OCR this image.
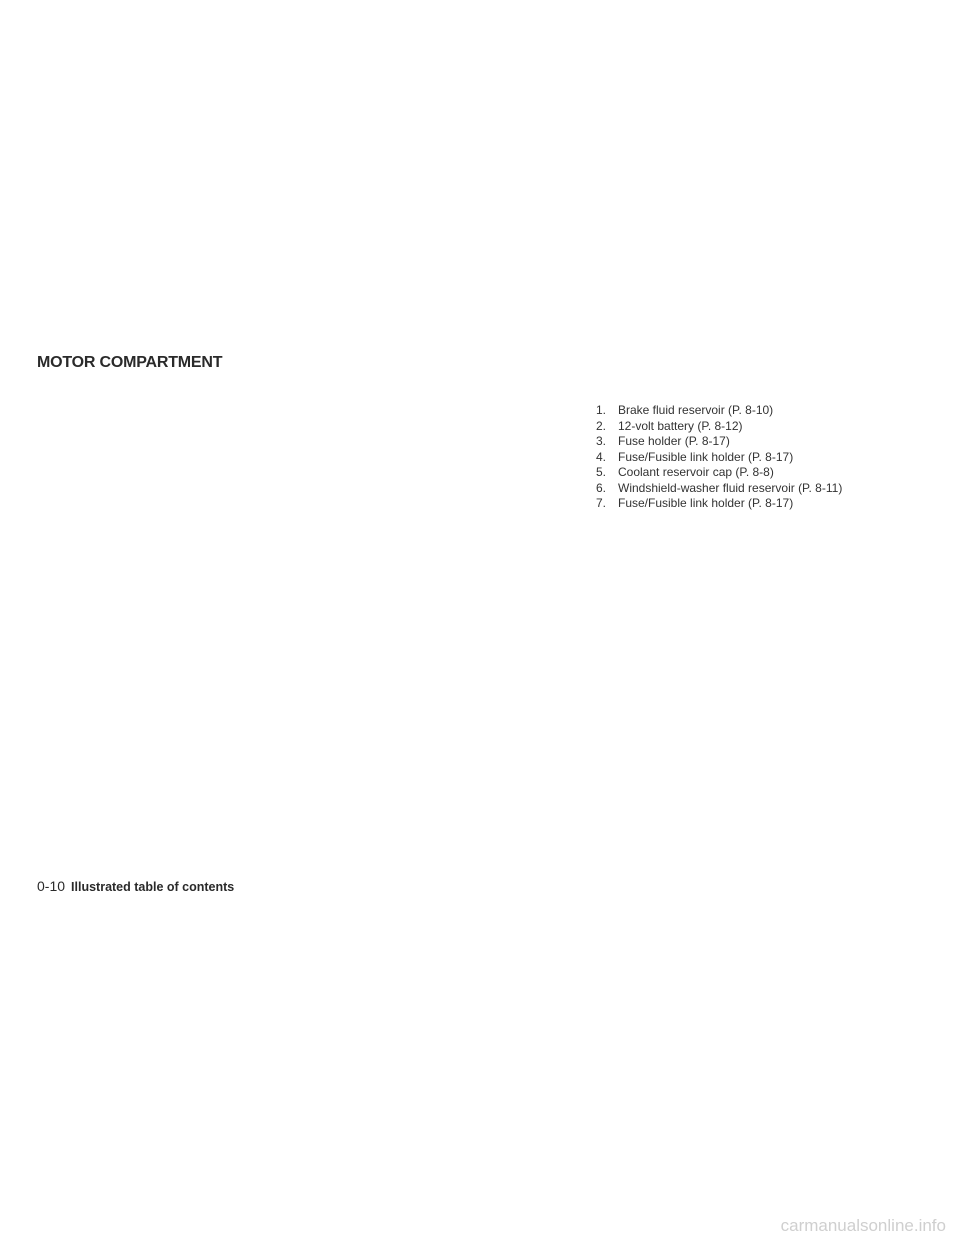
MOTOR COMPARTMENT
1. Brake fluid reservoir (P. 8-10)
2. 12-volt battery (P. 8-12)
3. Fuse holder (P. 8-17)
4. Fuse/Fusible link holder (P. 8-17)
5. Coolant reservoir cap (P. 8-8)
6. Windshield-washer fluid reservoir (P. 8-11)
7. Fuse/Fusible link holder (P. 8-17)
0-10 Illustrated table of contents
carmanualsonline.info
